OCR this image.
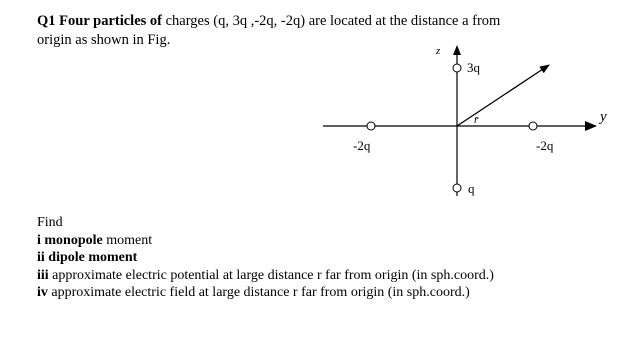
Q1 Four particles of charges (q, 3q ,-2q, -2q) are located at the distance a from
origin as shown in Fig.
y
z
r̄
3q
-2q	-2q
q
Find
i monopole moment
ii dipole moment
iii approximate electric potential at large distance r far from origin (in sph.coord.)
iv approximate electric field at large distance r far from origin (in sph.coord.)
